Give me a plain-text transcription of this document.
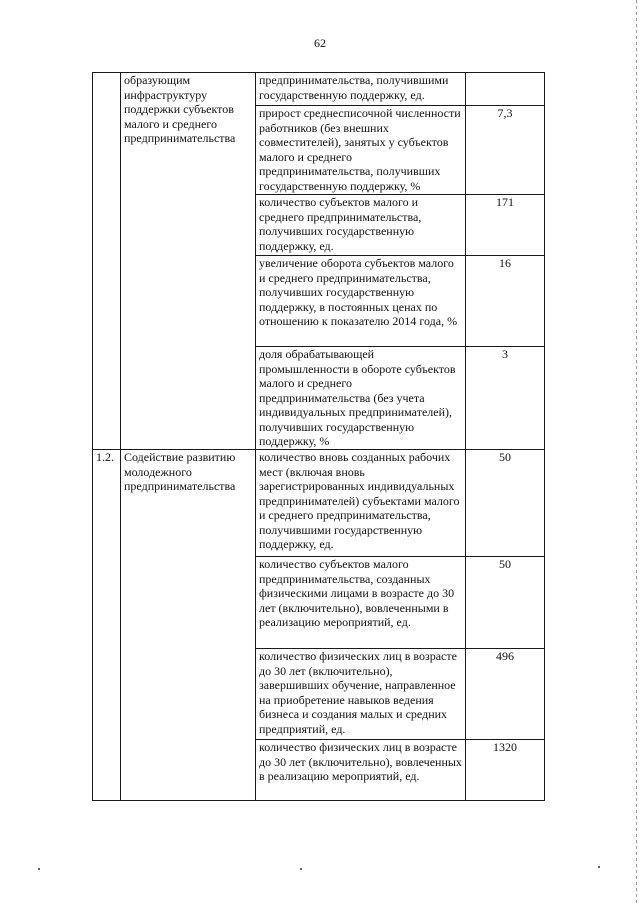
62
	образующим инфраструктуру поддержки субъектов малого и среднего предпринимательства	предпринимательства, получившими государственную поддержку, ед.	
		прирост среднесписочной численности работников (без внешних совместителей), занятых у субъектов малого и среднего предпринимательства, получивших государственную поддержку, %	7,3
		количество субъектов малого и среднего предпринимательства, получивших государственную поддержку, ед.	171
		увеличение оборота субъектов малого и среднего предпринимательства, получивших государственную поддержку, в постоянных ценах по отношению к показателю 2014 года, %	16
		доля обрабатывающей промышленности в обороте субъектов малого и среднего предпринимательства (без учета индивидуальных предпринимателей), получивших государственную поддержку, %	3
1.2.	Содействие развитию молодежного предпринимательства	количество вновь созданных рабочих мест (включая вновь зарегистрированных индивидуальных предпринимателей) субъектами малого и среднего предпринимательства, получившими государственную поддержку, ед.	50
		количество субъектов малого предпринимательства, созданных физическими лицами в возрасте до 30 лет (включительно), вовлеченными в реализацию мероприятий, ед.	50
		количество физических лиц в возрасте до 30 лет (включительно), завершивших обучение, направленное на приобретение навыков ведения бизнеса и создания малых и средних предприятий, ед.	496
		количество физических лиц в возрасте до 30 лет (включительно), вовлеченных в реализацию мероприятий, ед.	1320
